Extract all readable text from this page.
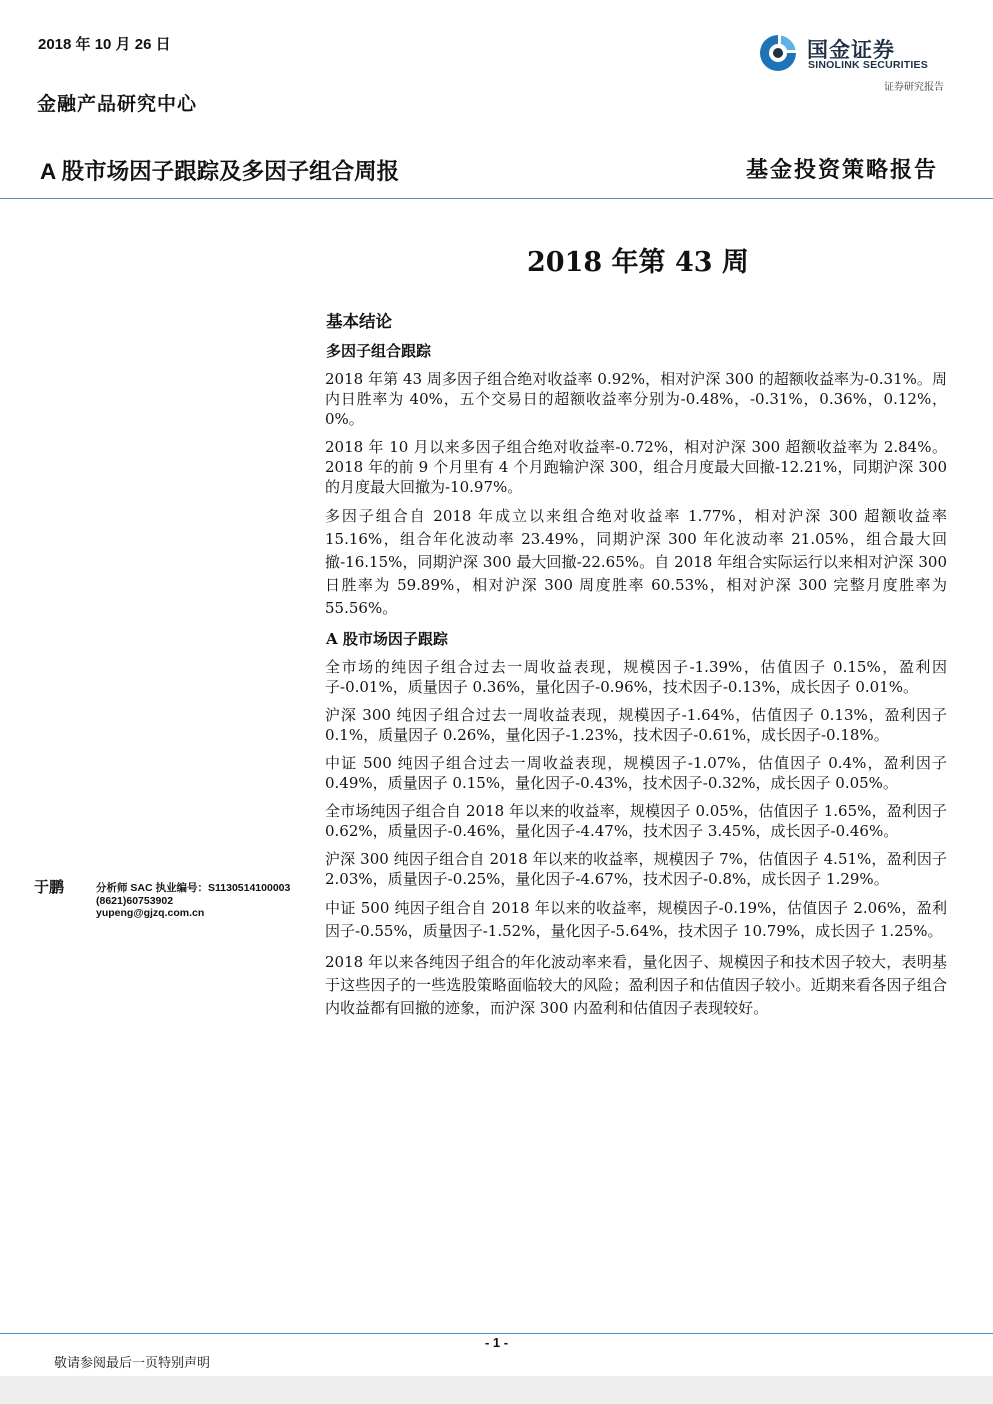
2018 年 10 月 26 日
金融产品研究中心
国金证券
SINOLINK SECURITIES
证券研究报告
A 股市场因子跟踪及多因子组合周报	基金投资策略报告
2018 年第 43 周
基本结论
多因子组合跟踪

2018 年第 43 周多因子组合绝对收益率 0.92%，相对沪深 300 的超额收益率为-0.31%。周内日胜率为 40%，五个交易日的超额收益率分别为-0.48%，-0.31%，0.36%，0.12%，0%。

2018 年 10 月以来多因子组合绝对收益率-0.72%，相对沪深 300 超额收益率为 2.84%。2018 年的前 9 个月里有 4 个月跑输沪深 300，组合月度最大回撤-12.21%，同期沪深 300 的月度最大回撤为-10.97%。

多因子组合自 2018 年成立以来组合绝对收益率 1.77%，相对沪深 300 超额收益率 15.16%，组合年化波动率 23.49%，同期沪深 300 年化波动率 21.05%，组合最大回撤-16.15%，同期沪深 300 最大回撤-22.65%。自 2018 年组合实际运行以来相对沪深 300 日胜率为 59.89%，相对沪深 300 周度胜率 60.53%，相对沪深 300 完整月度胜率为 55.56%。

A 股市场因子跟踪

全市场的纯因子组合过去一周收益表现，规模因子-1.39%，估值因子 0.15%，盈利因子-0.01%，质量因子 0.36%，量化因子-0.96%，技术因子-0.13%，成长因子 0.01%。

沪深 300 纯因子组合过去一周收益表现，规模因子-1.64%，估值因子 0.13%，盈利因子 0.1%，质量因子 0.26%，量化因子-1.23%，技术因子-0.61%，成长因子-0.18%。

中证 500 纯因子组合过去一周收益表现，规模因子-1.07%，估值因子 0.4%，盈利因子 0.49%，质量因子 0.15%，量化因子-0.43%，技术因子-0.32%，成长因子 0.05%。

全市场纯因子组合自 2018 年以来的收益率，规模因子 0.05%，估值因子 1.65%，盈利因子 0.62%，质量因子-0.46%，量化因子-4.47%，技术因子 3.45%，成长因子-0.46%。

沪深 300 纯因子组合自 2018 年以来的收益率，规模因子 7%，估值因子 4.51%，盈利因子 2.03%，质量因子-0.25%，量化因子-4.67%，技术因子-0.8%，成长因子 1.29%。

中证 500 纯因子组合自 2018 年以来的收益率，规模因子-0.19%，估值因子 2.06%，盈利因子-0.55%，质量因子-1.52%，量化因子-5.64%，技术因子 10.79%，成长因子 1.25%。

2018 年以来各纯因子组合的年化波动率来看，量化因子、规模因子和技术因子较大，表明基于这些因子的一些选股策略面临较大的风险；盈利因子和估值因子较小。近期来看各因子组合内收益都有回撤的迹象，而沪深 300 内盈利和估值因子表现较好。

于鹏	分析师 SAC 执业编号：S1130514100003
(8621)60753902
yupeng@gjzq.com.cn
- 1 -
敬请参阅最后一页特别声明
